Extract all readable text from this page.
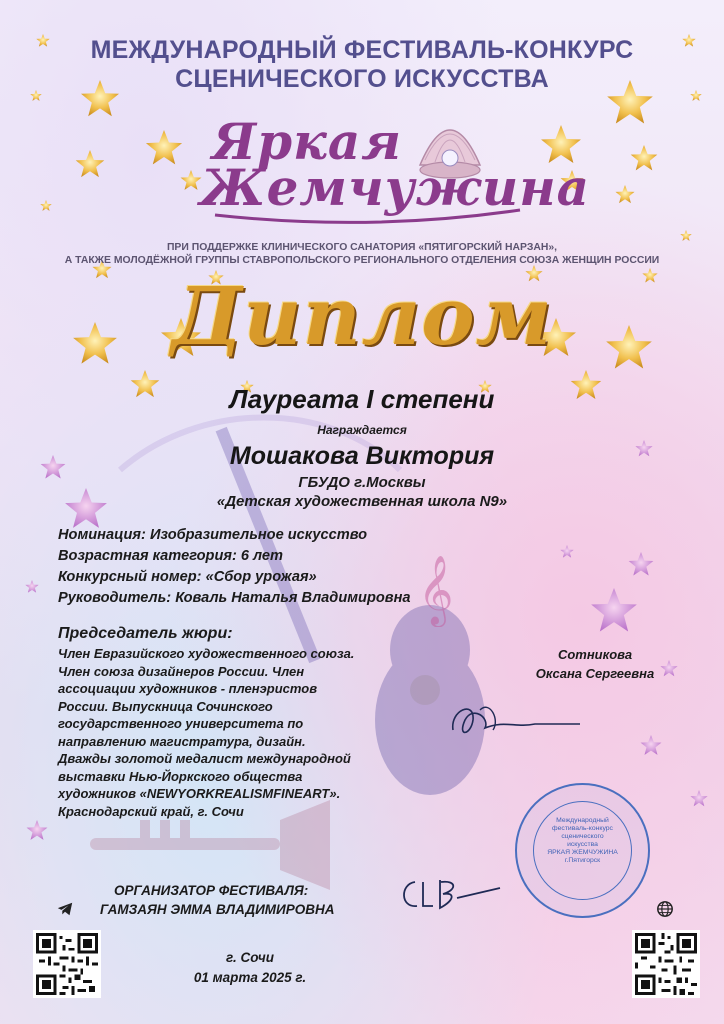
𝄞
МЕЖДУНАРОДНЫЙ ФЕСТИВАЛЬ-КОНКУРС
СЦЕНИЧЕСКОГО ИСКУССТВА
Яркая
Жемчужина
ПРИ ПОДДЕРЖКЕ КЛИНИЧЕСКОГО САНАТОРИЯ «ПЯТИГОРСКИЙ НАРЗАН»,
А ТАКЖЕ МОЛОДЁЖНОЙ ГРУППЫ СТАВРОПОЛЬСКОГО РЕГИОНАЛЬНОГО ОТДЕЛЕНИЯ СОЮЗА ЖЕНЩИН РОССИИ
Диплом
Лауреата I степени
Награждается
Мошакова Виктория
ГБУДО г.Москвы
«Детская художественная школа N9»
Номинация: Изобразительное искусство
Возрастная категория: 6 лет
Конкурсный номер: «Сбор урожая»
Руководитель: Коваль Наталья Владимировна
Председатель жюри:
Член Евразийского художественного союза.
Член союза дизайнеров России. Член
ассоциации художников - пленэристов
России. Выпускница Сочинского
государственного университета по
направлению магистратура, дизайн.
Дважды золотой медалист международной
выставки Нью-Йоркского общества
художников «NEWYORKREALISMFINEART».
Краснодарский край, г. Сочи
Сотникова
Оксана Сергеевна
Международный
фестиваль-конкурс
сценического
искусства
ЯРКАЯ ЖЕМЧУЖИНА
г.Пятигорск
ОРГАНИЗАТОР ФЕСТИВАЛЯ:
ГАМЗАЯН ЭММА ВЛАДИМИРОВНА
г. Сочи
01 марта 2025 г.
